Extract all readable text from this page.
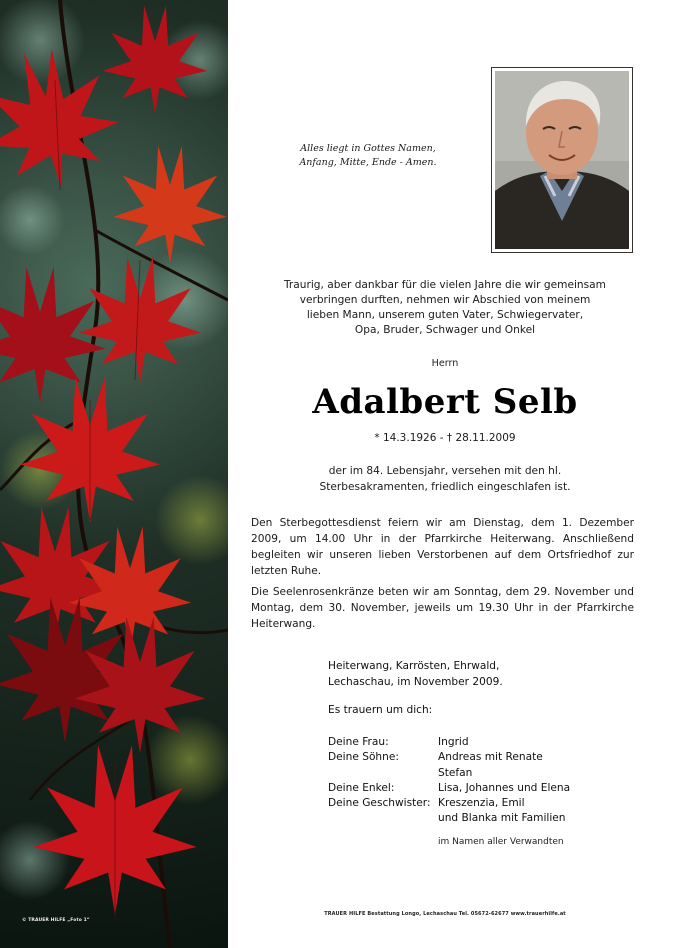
© TRAUER HILFE „Foto 1“
Alles liegt in Gottes Namen,
Anfang, Mitte, Ende - Amen.
Traurig, aber dankbar für die vielen Jahre die wir gemeinsam
verbringen durften, nehmen wir Abschied von meinem
lieben Mann, unserem guten Vater, Schwiegervater,
Opa, Bruder, Schwager und Onkel
Herrn
Adalbert Selb
* 14.3.1926 - † 28.11.2009
der im 84. Lebensjahr, versehen mit den hl.
Sterbesakramenten, friedlich eingeschlafen ist.
Den Sterbegottesdienst feiern wir am Dienstag, dem 1. Dezember 2009, um 14.00 Uhr in der Pfarrkirche Heiterwang. Anschließend begleiten wir unseren lieben Verstorbenen auf dem Ortsfriedhof zur letzten Ruhe.
Die Seelenrosenkränze beten wir am Sonntag, dem 29. November und Montag, dem 30. November, jeweils um 19.30 Uhr in der Pfarrkirche Heiterwang.
Heiterwang, Karrösten, Ehrwald,
Lechaschau, im November 2009.
Es trauern um dich:
Deine Frau:	Ingrid
Deine Söhne:	Andreas mit Renate
Stefan
Deine Enkel:	Lisa, Johannes und Elena
Deine Geschwister: Kreszenzia, Emil
und Blanka mit Familien
im Namen aller Verwandten
TRAUER HILFE Bestattung Longo, Lechaschau Tel. 05672-62677 www.trauerhilfe.at
